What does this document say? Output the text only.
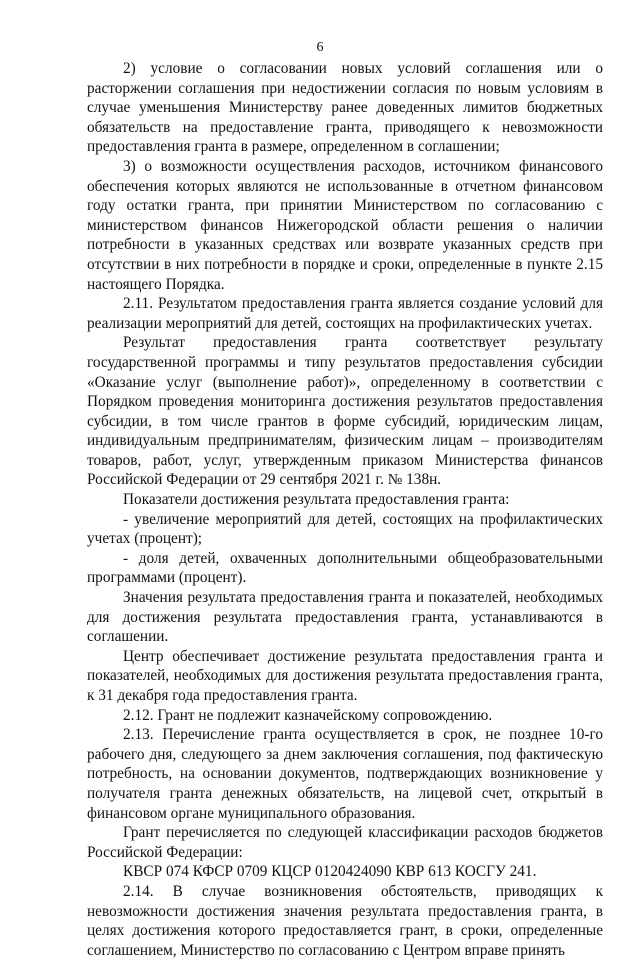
6

2) условие о согласовании новых условий соглашения или о расторжении соглашения при недостижении согласия по новым условиям в случае уменьшения Министерству ранее доведенных лимитов бюджетных обязательств на предоставление гранта, приводящего к невозможности предоставления гранта в размере, определенном в соглашении;

3) о возможности осуществления расходов, источником финансового обеспечения которых являются не использованные в отчетном финансовом году остатки гранта, при принятии Министерством по согласованию с министерством финансов Нижегородской области решения о наличии потребности в указанных средствах или возврате указанных средств при отсутствии в них потребности в порядке и сроки, определенные в пункте 2.15 настоящего Порядка.

2.11. Результатом предоставления гранта является создание условий для реализации мероприятий для детей, состоящих на профилактических учетах.

Результат предоставления гранта соответствует результату государственной программы и типу результатов предоставления субсидии «Оказание услуг (выполнение работ)», определенному в соответствии с Порядком проведения мониторинга достижения результатов предоставления субсидии, в том числе грантов в форме субсидий, юридическим лицам, индивидуальным предпринимателям, физическим лицам – производителям товаров, работ, услуг, утвержденным приказом Министерства финансов Российской Федерации от 29 сентября 2021 г. № 138н.

Показатели достижения результата предоставления гранта:

- увеличение мероприятий для детей, состоящих на профилактических учетах (процент);

- доля детей, охваченных дополнительными общеобразовательными программами (процент).

Значения результата предоставления гранта и показателей, необходимых для достижения результата предоставления гранта, устанавливаются в соглашении.

Центр обеспечивает достижение результата предоставления гранта и показателей, необходимых для достижения результата предоставления гранта, к 31 декабря года предоставления гранта.

2.12. Грант не подлежит казначейскому сопровождению.

2.13. Перечисление гранта осуществляется в срок, не позднее 10-го рабочего дня, следующего за днем заключения соглашения, под фактическую потребность, на основании документов, подтверждающих возникновение у получателя гранта денежных обязательств, на лицевой счет, открытый в финансовом органе муниципального образования.

Грант перечисляется по следующей классификации расходов бюджетов Российской Федерации:

КВСР 074 КФСР 0709 КЦСР 0120424090 КВР 613 КОСГУ 241.

2.14. В случае возникновения обстоятельств, приводящих к невозможности достижения значения результата предоставления гранта, в целях достижения которого предоставляется грант, в сроки, определенные соглашением, Министерство по согласованию с Центром вправе принять
